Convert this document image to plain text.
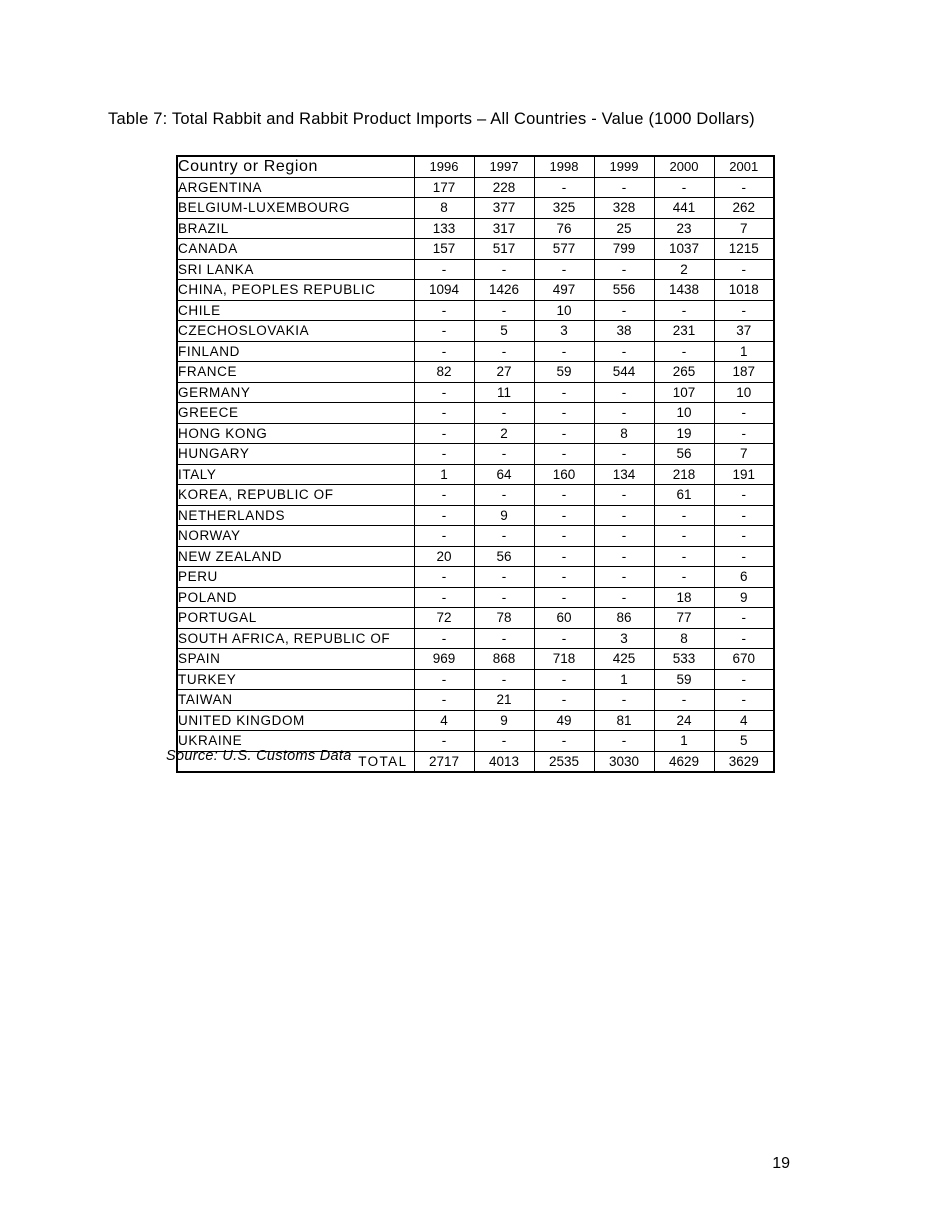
Table 7: Total Rabbit and Rabbit Product Imports – All Countries - Value (1000 Dollars)
Country or Region	1996	1997	1998	1999	2000	2001
ARGENTINA	177	228	-	-	-	-
BELGIUM-LUXEMBOURG	8	377	325	328	441	262
BRAZIL	133	317	76	25	23	7
CANADA	157	517	577	799	1037	1215
SRI LANKA	-	-	-	-	2	-
CHINA, PEOPLES REPUBLIC	1094	1426	497	556	1438	1018
CHILE	-	-	10	-	-	-
CZECHOSLOVAKIA	-	5	3	38	231	37
FINLAND	-	-	-	-	-	1
FRANCE	82	27	59	544	265	187
GERMANY	-	11	-	-	107	10
GREECE	-	-	-	-	10	-
HONG KONG	-	2	-	8	19	-
HUNGARY	-	-	-	-	56	7
ITALY	1	64	160	134	218	191
KOREA, REPUBLIC OF	-	-	-	-	61	-
NETHERLANDS	-	9	-	-	-	-
NORWAY	-	-	-	-	-	-
NEW ZEALAND	20	56	-	-	-	-
PERU	-	-	-	-	-	6
POLAND	-	-	-	-	18	9
PORTUGAL	72	78	60	86	77	-
SOUTH AFRICA, REPUBLIC OF	-	-	-	3	8	-
SPAIN	969	868	718	425	533	670
TURKEY	-	-	-	1	59	-
TAIWAN	-	21	-	-	-	-
UNITED KINGDOM	4	9	49	81	24	4
UKRAINE	-	-	-	-	1	5
TOTAL	2717	4013	2535	3030	4629	3629
Source: U.S. Customs Data
19
